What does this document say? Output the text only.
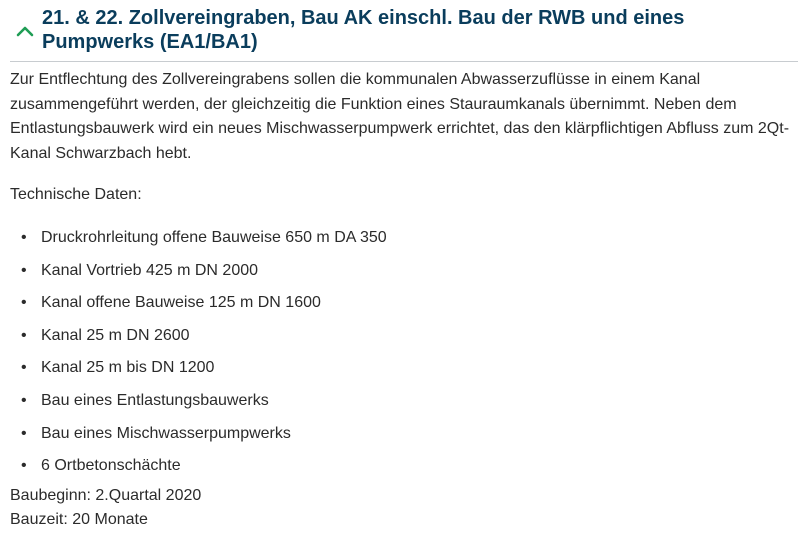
21. & 22. Zollvereingraben, Bau AK einschl. Bau der RWB und eines Pumpwerks (EA1/BA1)

Zur Entflechtung des Zollvereingrabens sollen die kommunalen Abwasserzuflüsse in einem Kanal zusammengeführt werden, der gleichzeitig die Funktion eines Stauraumkanals übernimmt. Neben dem Entlastungsbauwerk wird ein neues Mischwasserpumpwerk errichtet, das den klärpflichtigen Abfluss zum 2Qt-Kanal Schwarzbach hebt.

Technische Daten:

• Druckrohrleitung offene Bauweise 650 m DA 350
• Kanal Vortrieb 425 m DN 2000
• Kanal offene Bauweise 125 m DN 1600
• Kanal 25 m DN 2600
• Kanal 25 m bis DN 1200
• Bau eines Entlastungsbauwerks
• Bau eines Mischwasserpumpwerks
• 6 Ortbetonschächte

Baubeginn: 2.Quartal 2020

Bauzeit: 20 Monate
